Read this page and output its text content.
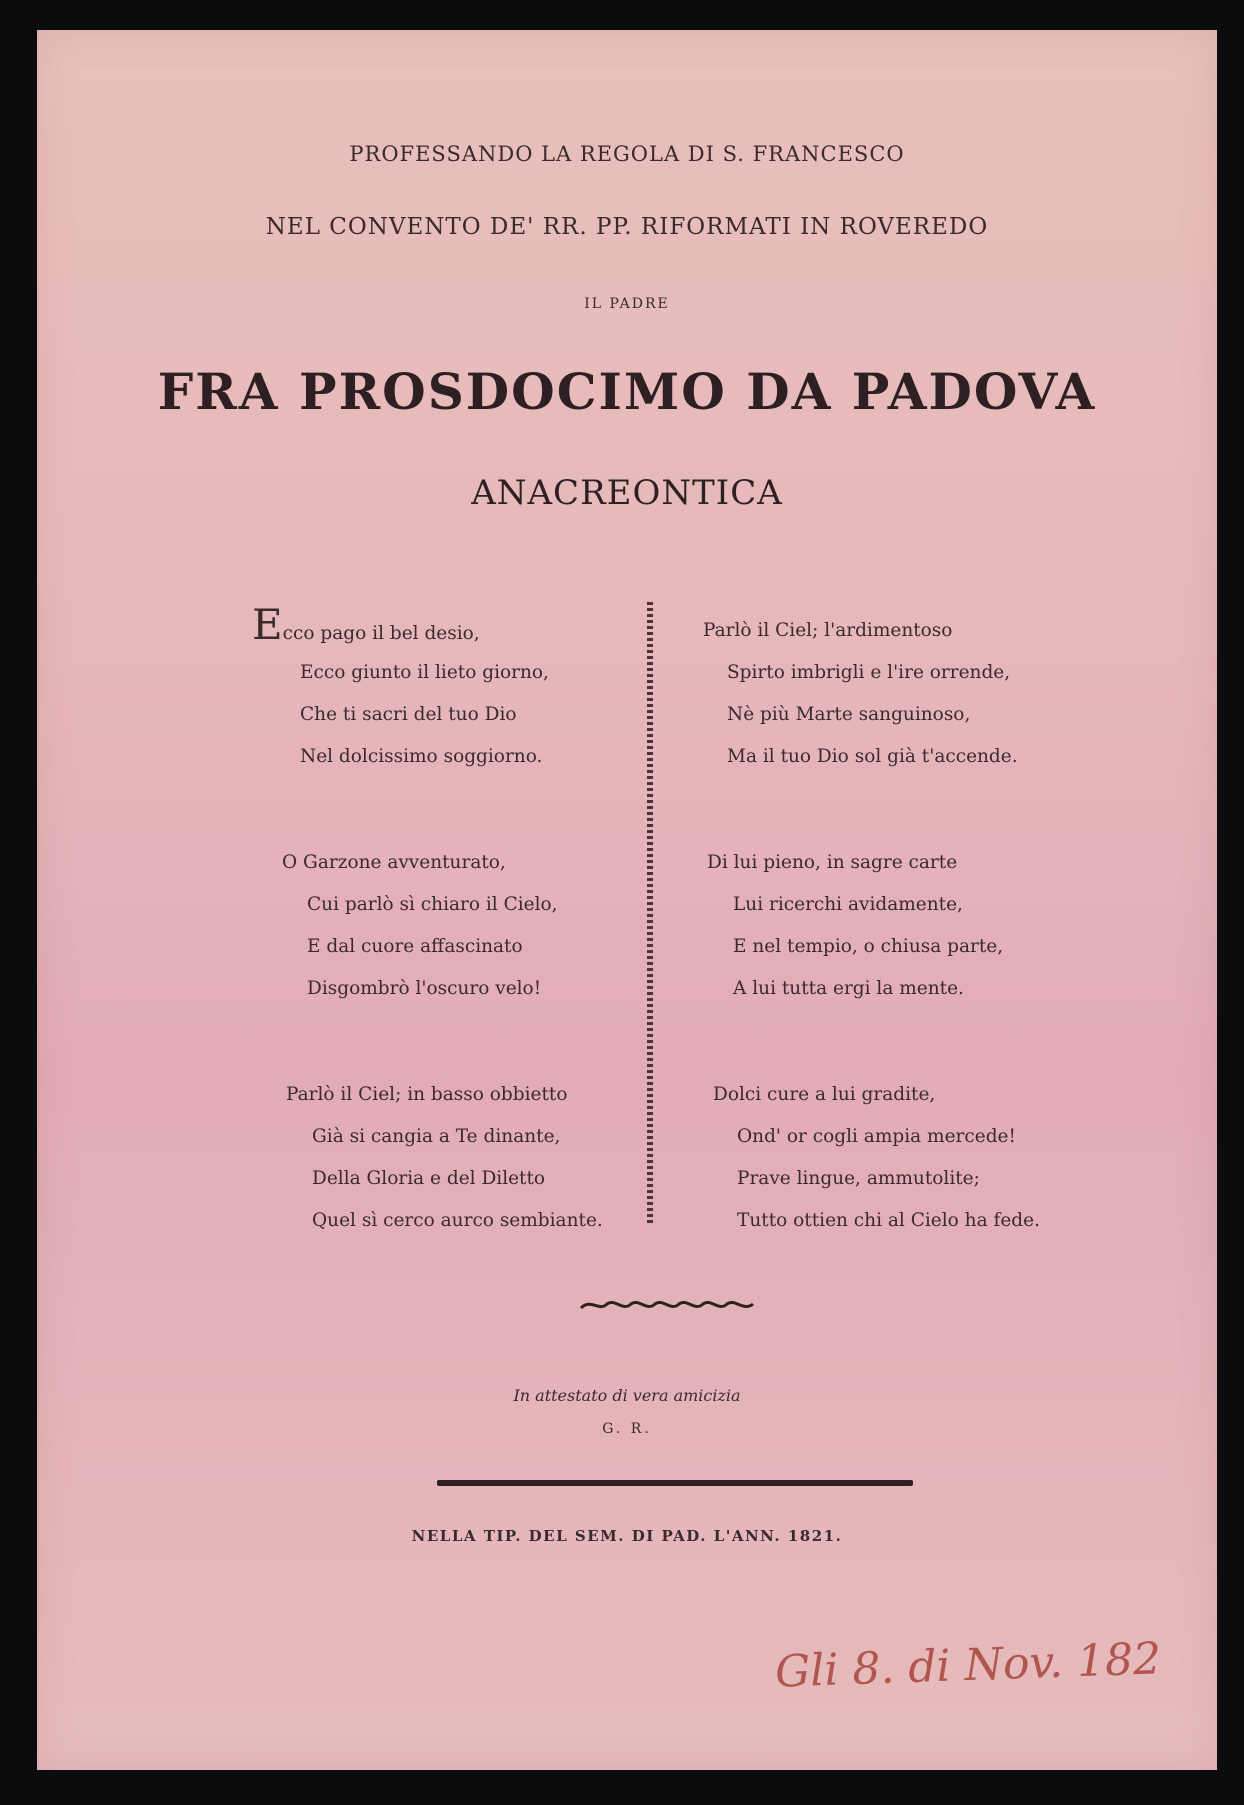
PROFESSANDO LA REGOLA DI S. FRANCESCO
NEL CONVENTO DE' RR. PP. RIFORMATI IN ROVEREDO
IL PADRE
FRA PROSDOCIMO DA PADOVA
ANACREONTICA
Ecco pago il bel desio,
Ecco giunto il lieto giorno,
Che ti sacri del tuo Dio
Nel dolcissimo soggiorno.
O Garzone avventurato,
Cui parlò sì chiaro il Cielo,
E dal cuore affascinato
Disgombrò l'oscuro velo!
Parlò il Ciel; in basso obbietto
Già si cangia a Te dinante,
Della Gloria e del Diletto
Quel sì cerco aurco sembiante.
Parlò il Ciel; l'ardimentoso
Spirto imbrigli e l'ire orrende,
Nè più Marte sanguinoso,
Ma il tuo Dio sol già t'accende.
Di lui pieno, in sagre carte
Lui ricerchi avidamente,
E nel tempio, o chiusa parte,
A lui tutta ergi la mente.
Dolci cure a lui gradite,
Ond' or cogli ampia mercede!
Prave lingue, ammutolite;
Tutto ottien chi al Cielo ha fede.
In attestato di vera amicizia
G. R.
NELLA TIP. DEL SEM. DI PAD. L'ANN. 1821.
Gli 8. di Nov. 182
